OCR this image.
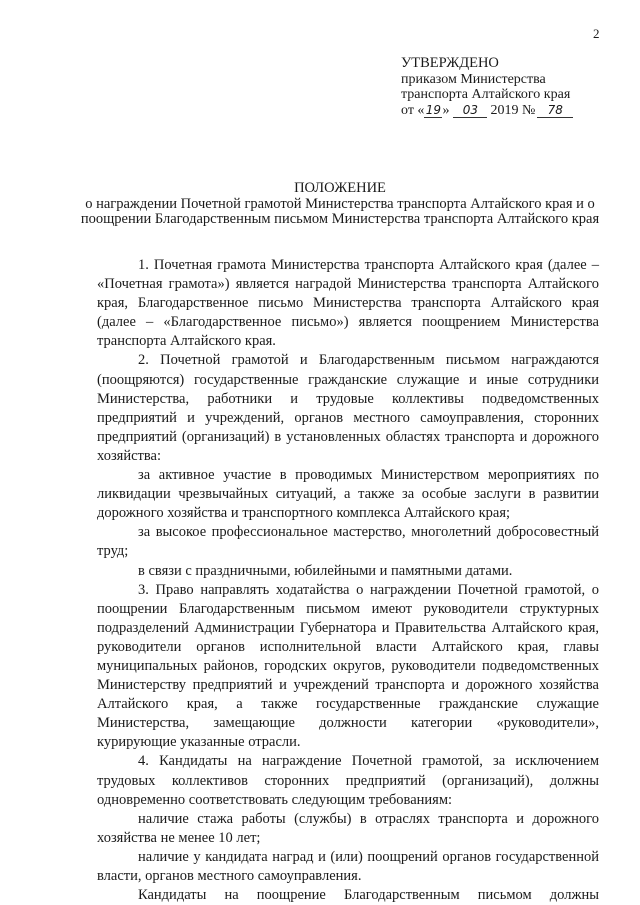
2
УТВЕРЖДЕНО
приказом Министерства
транспорта Алтайского края
от «19» 03 2019 № 78
ПОЛОЖЕНИЕ
о награждении Почетной грамотой Министерства транспорта Алтайского края и о поощрении Благодарственным письмом Министерства транспорта Алтайского края

1. Почетная грамота Министерства транспорта Алтайского края (далее – «Почетная грамота») является наградой Министерства транспорта Алтайского края, Благодарственное письмо Министерства транспорта Алтайского края (далее – «Благодарственное письмо») является поощрением Министерства транспорта Алтайского края.

2. Почетной грамотой и Благодарственным письмом награждаются (поощряются) государственные гражданские служащие и иные сотрудники Министерства, работники и трудовые коллективы подведомственных предприятий и учреждений, органов местного самоуправления, сторонних предприятий (организаций) в установленных областях транспорта и дорожного хозяйства:

за активное участие в проводимых Министерством мероприятиях по ликвидации чрезвычайных ситуаций, а также за особые заслуги в развитии дорожного хозяйства и транспортного комплекса Алтайского края;

за высокое профессиональное мастерство, многолетний добросовестный труд;

в связи с праздничными, юбилейными и памятными датами.

3. Право направлять ходатайства о награждении Почетной грамотой, о поощрении Благодарственным письмом имеют руководители структурных подразделений Администрации Губернатора и Правительства Алтайского края, руководители органов исполнительной власти Алтайского края, главы муниципальных районов, городских округов, руководители подведомственных Министерству предприятий и учреждений транспорта и дорожного хозяйства Алтайского края, а также государственные гражданские служащие Министерства, замещающие должности категории «руководители», курирующие указанные отрасли.

4. Кандидаты на награждение Почетной грамотой, за исключением трудовых коллективов сторонних предприятий (организаций), должны одновременно соответствовать следующим требованиям:

наличие стажа работы (службы) в отраслях транспорта и дорожного хозяйства не менее 10 лет;

наличие у кандидата наград и (или) поощрений органов государственной власти, органов местного самоуправления.

Кандидаты на поощрение Благодарственным письмом должны
